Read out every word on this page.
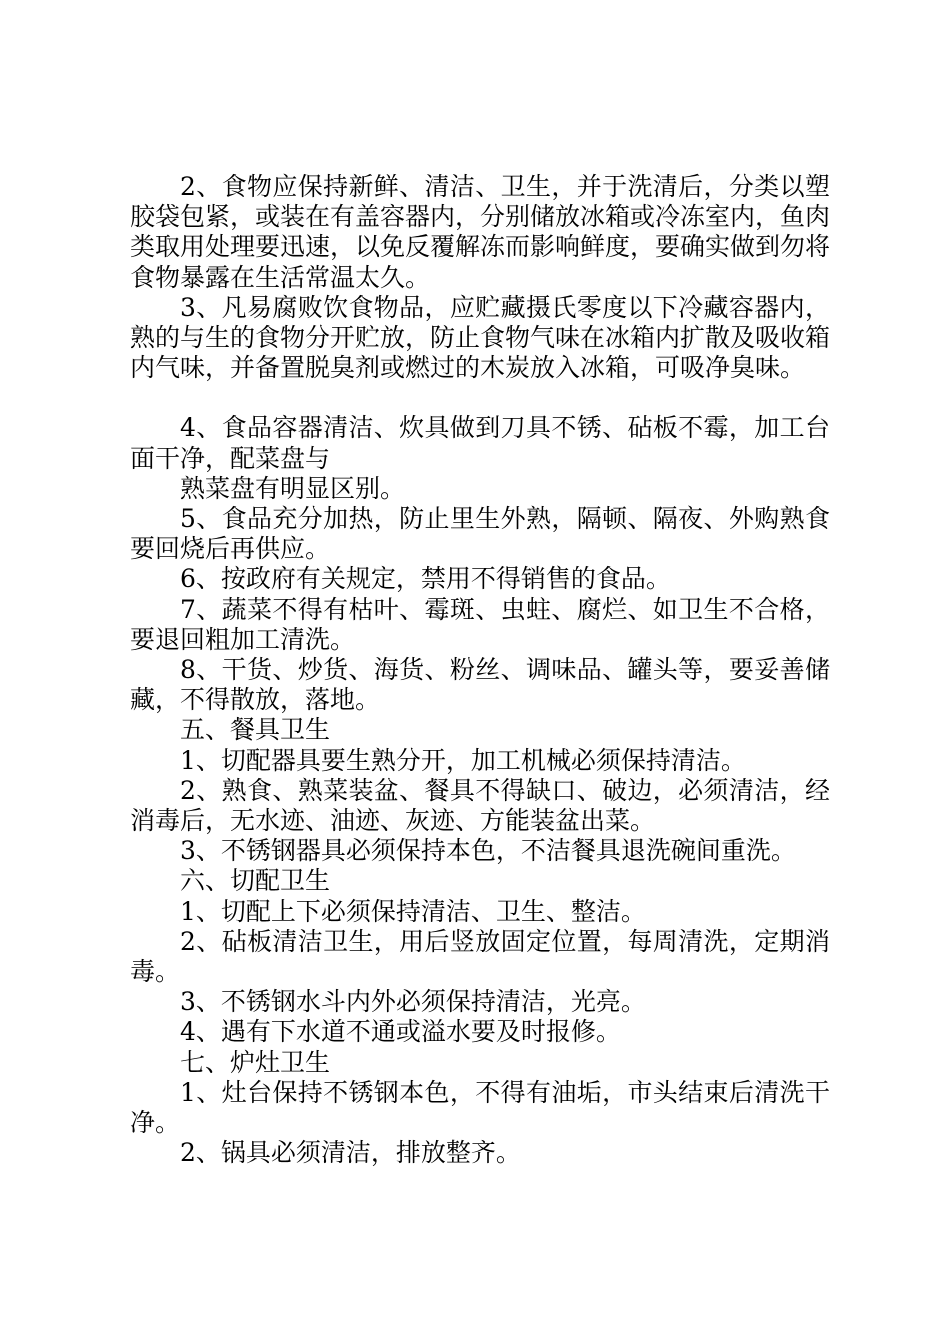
2、食物应保持新鲜、清洁、卫生，并于洗清后，分类以塑胶袋包紧，或装在有盖容器内，分别储放冰箱或冷冻室内，鱼肉类取用处理要迅速，以免反覆解冻而影响鲜度，要确实做到勿将食物暴露在生活常温太久。

3、凡易腐败饮食物品，应贮藏摄氏零度以下冷藏容器内，熟的与生的食物分开贮放，防止食物气味在冰箱内扩散及吸收箱内气味，并备置脱臭剂或燃过的木炭放入冰箱，可吸净臭味。

4、食品容器清洁、炊具做到刀具不锈、砧板不霉，加工台面干净，配菜盘与

熟菜盘有明显区别。

5、食品充分加热，防止里生外熟，隔顿、隔夜、外购熟食要回烧后再供应。

6、按政府有关规定，禁用不得销售的食品。

7、蔬菜不得有枯叶、霉斑、虫蛀、腐烂、如卫生不合格，要退回粗加工清洗。

8、干货、炒货、海货、粉丝、调味品、罐头等，要妥善储藏，不得散放，落地。

五、餐具卫生

1、切配器具要生熟分开，加工机械必须保持清洁。

2、熟食、熟菜装盆、餐具不得缺口、破边，必须清洁，经消毒后，无水迹、油迹、灰迹、方能装盆出菜。

3、不锈钢器具必须保持本色，不洁餐具退洗碗间重洗。

六、切配卫生

1、切配上下必须保持清洁、卫生、整洁。

2、砧板清洁卫生，用后竖放固定位置，每周清洗，定期消毒。

3、不锈钢水斗内外必须保持清洁，光亮。

4、遇有下水道不通或溢水要及时报修。

七、炉灶卫生

1、灶台保持不锈钢本色，不得有油垢，市头结束后清洗干净。

2、锅具必须清洁，排放整齐。
